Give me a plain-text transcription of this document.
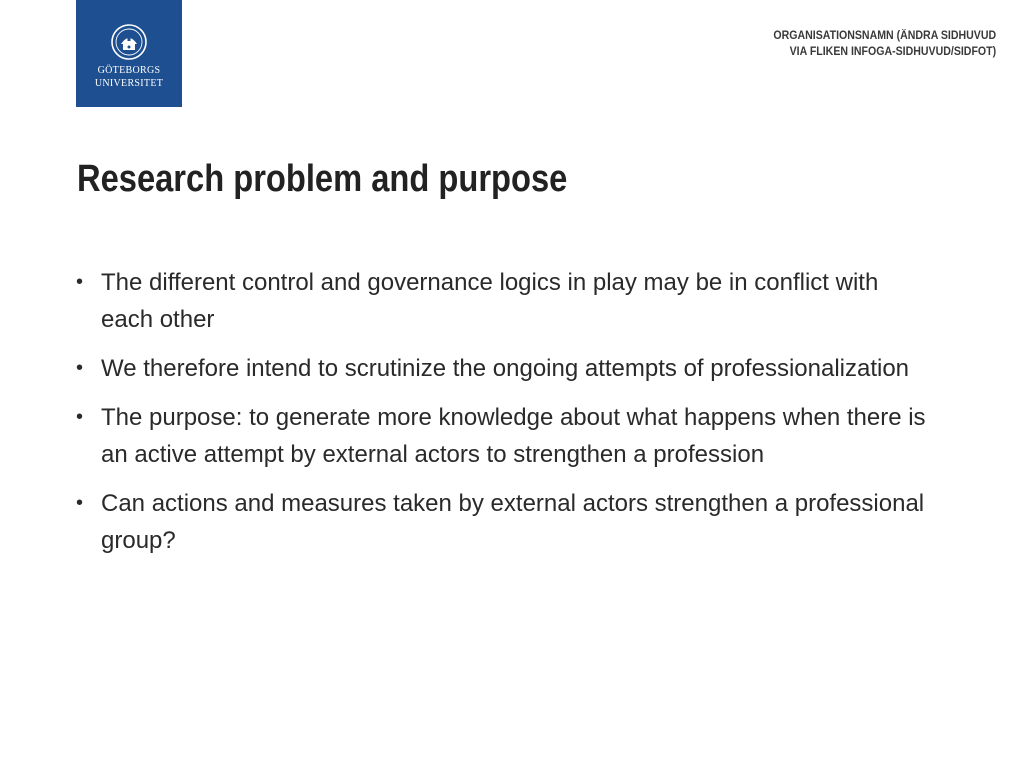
GÖTEBORGS
UNIVERSITET
ORGANISATIONSNAMN (ÄNDRA SIDHUVUD
VIA FLIKEN INFOGA-SIDHUVUD/SIDFOT)
Research problem and purpose
• The different control and governance logics in play may be in conflict with each other
• We therefore intend to scrutinize the ongoing attempts of professionalization
• The purpose: to generate more knowledge about what happens when there is an active attempt by external actors to strengthen a profession
• Can actions and measures taken by external actors strengthen a professional group?
